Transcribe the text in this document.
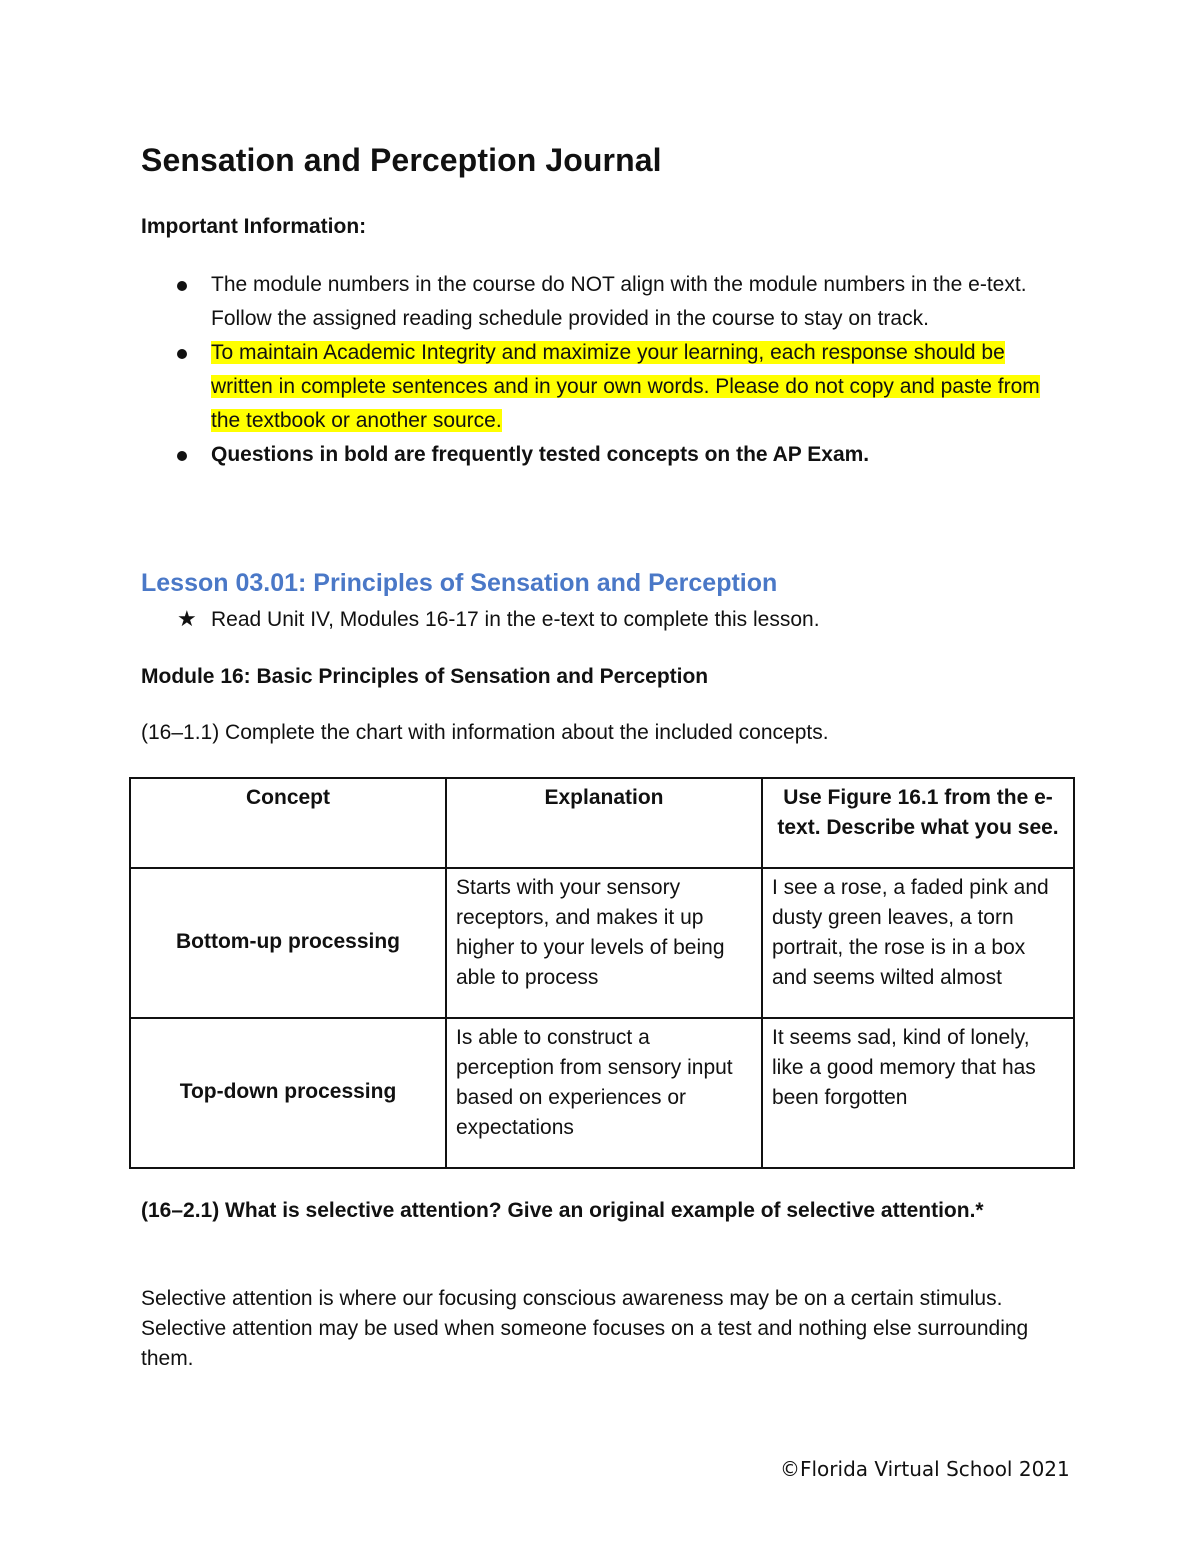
Sensation and Perception Journal
Important Information:
The module numbers in the course do NOT align with the module numbers in the e-text. Follow the assigned reading schedule provided in the course to stay on track.
To maintain Academic Integrity and maximize your learning, each response should be written in complete sentences and in your own words. Please do not copy and paste from the textbook or another source.
Questions in bold are frequently tested concepts on the AP Exam.
Lesson 03.01: Principles of Sensation and Perception
★ Read Unit IV, Modules 16-17 in the e-text to complete this lesson.
Module 16: Basic Principles of Sensation and Perception
(16–1.1) Complete the chart with information about the included concepts.
Concept	Explanation	Use Figure 16.1 from the e-text. Describe what you see.
Bottom-up processing	Starts with your sensory receptors, and makes it up higher to your levels of being able to process	I see a rose, a faded pink and dusty green leaves, a torn portrait, the rose is in a box and seems wilted almost
Top-down processing	Is able to construct a perception from sensory input based on experiences or expectations	It seems sad, kind of lonely, like a good memory that has been forgotten
(16–2.1) What is selective attention? Give an original example of selective attention.*
Selective attention is where our focusing conscious awareness may be on a certain stimulus. Selective attention may be used when someone focuses on a test and nothing else surrounding them.
©Florida Virtual School 2021
